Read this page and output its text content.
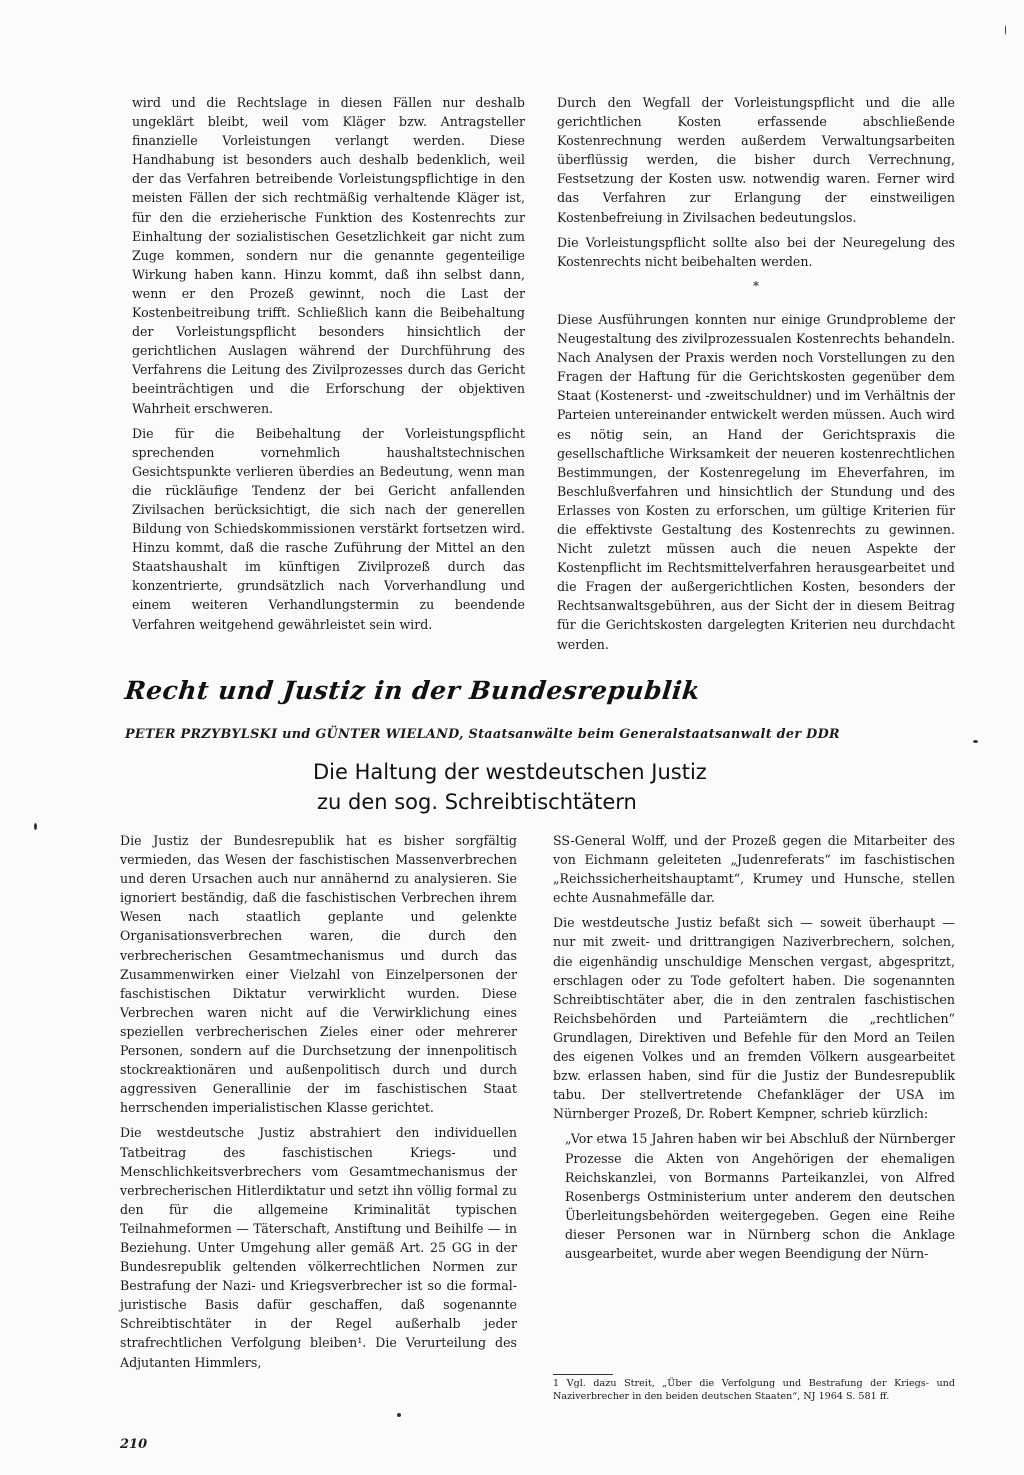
wird und die Rechtslage in diesen Fällen nur deshalb ungeklärt bleibt, weil vom Kläger bzw. Antragsteller finanzielle Vorleistungen verlangt werden. Diese Handhabung ist besonders auch deshalb bedenklich, weil der das Verfahren betreibende Vorleistungspflichtige in den meisten Fällen der sich rechtmäßig verhaltende Kläger ist, für den die erzieherische Funktion des Kostenrechts zur Einhaltung der sozialistischen Gesetzlichkeit gar nicht zum Zuge kommen, sondern nur die genannte gegenteilige Wirkung haben kann. Hinzu kommt, daß ihn selbst dann, wenn er den Prozeß gewinnt, noch die Last der Kostenbeitreibung trifft. Schließlich kann die Beibehaltung der Vorleistungspflicht besonders hinsichtlich der gerichtlichen Auslagen während der Durchführung des Verfahrens die Leitung des Zivilprozesses durch das Gericht beeinträchtigen und die Erforschung der objektiven Wahrheit erschweren.

Die für die Beibehaltung der Vorleistungspflicht sprechenden vornehmlich haushaltstechnischen Gesichtspunkte verlieren überdies an Bedeutung, wenn man die rückläufige Tendenz der bei Gericht anfallenden Zivilsachen berücksichtigt, die sich nach der generellen Bildung von Schiedskommissionen verstärkt fortsetzen wird. Hinzu kommt, daß die rasche Zuführung der Mittel an den Staatshaushalt im künftigen Zivilprozeß durch das konzentrierte, grundsätzlich nach Vorverhandlung und einem weiteren Verhandlungstermin zu beendende Verfahren weitgehend gewährleistet sein wird.

Durch den Wegfall der Vorleistungspflicht und die alle gerichtlichen Kosten erfassende abschließende Kostenrechnung werden außerdem Verwaltungsarbeiten überflüssig werden, die bisher durch Verrechnung, Festsetzung der Kosten usw. notwendig waren. Ferner wird das Verfahren zur Erlangung der einstweiligen Kostenbefreiung in Zivilsachen bedeutungslos.

Die Vorleistungspflicht sollte also bei der Neuregelung des Kostenrechts nicht beibehalten werden.

*

Diese Ausführungen konnten nur einige Grundprobleme der Neugestaltung des zivilprozessualen Kostenrechts behandeln. Nach Analysen der Praxis werden noch Vorstellungen zu den Fragen der Haftung für die Gerichtskosten gegenüber dem Staat (Kostenerst- und -zweitschuldner) und im Verhältnis der Parteien untereinander entwickelt werden müssen. Auch wird es nötig sein, an Hand der Gerichtspraxis die gesellschaftliche Wirksamkeit der neueren kostenrechtlichen Bestimmungen, der Kostenregelung im Eheverfahren, im Beschlußverfahren und hinsichtlich der Stundung und des Erlasses von Kosten zu erforschen, um gültige Kriterien für die effektivste Gestaltung des Kostenrechts zu gewinnen. Nicht zuletzt müssen auch die neuen Aspekte der Kostenpflicht im Rechtsmittelverfahren herausgearbeitet und die Fragen der außergerichtlichen Kosten, besonders der Rechtsanwaltsgebühren, aus der Sicht der in diesem Beitrag für die Gerichtskosten dargelegten Kriterien neu durchdacht werden.

Recht und Justiz in der Bundesrepublik
PETER PRZYBYLSKI und GÜNTER WIELAND, Staatsanwälte beim Generalstaatsanwalt der DDR
Die Haltung der westdeutschen Justiz
zu den sog. Schreibtischtätern

Die Justiz der Bundesrepublik hat es bisher sorgfältig vermieden, das Wesen der faschistischen Massenverbrechen und deren Ursachen auch nur annähernd zu analysieren. Sie ignoriert beständig, daß die faschistischen Verbrechen ihrem Wesen nach staatlich geplante und gelenkte Organisationsverbrechen waren, die durch den verbrecherischen Gesamtmechanismus und durch das Zusammenwirken einer Vielzahl von Einzelpersonen der faschistischen Diktatur verwirklicht wurden. Diese Verbrechen waren nicht auf die Verwirklichung eines speziellen verbrecherischen Zieles einer oder mehrerer Personen, sondern auf die Durchsetzung der innenpolitisch stockreaktionären und außenpolitisch durch und durch aggressiven Generallinie der im faschistischen Staat herrschenden imperialistischen Klasse gerichtet.

Die westdeutsche Justiz abstrahiert den individuellen Tatbeitrag des faschistischen Kriegs- und Menschlichkeitsverbrechers vom Gesamtmechanismus der verbrecherischen Hitlerdiktatur und setzt ihn völlig formal zu den für die allgemeine Kriminalität typischen Teilnahmeformen — Täterschaft, Anstiftung und Beihilfe — in Beziehung. Unter Umgehung aller gemäß Art. 25 GG in der Bundesrepublik geltenden völkerrechtlichen Normen zur Bestrafung der Nazi- und Kriegsverbrecher ist so die formal-juristische Basis dafür geschaffen, daß sogenannte Schreibtischtäter in der Regel außerhalb jeder strafrechtlichen Verfolgung bleiben¹. Die Verurteilung des Adjutanten Himmlers,

SS-General Wolff, und der Prozeß gegen die Mitarbeiter des von Eichmann geleiteten „Judenreferats“ im faschistischen „Reichssicherheitshauptamt“, Krumey und Hunsche, stellen echte Ausnahmefälle dar.

Die westdeutsche Justiz befaßt sich — soweit überhaupt — nur mit zweit- und drittrangigen Naziverbrechern, solchen, die eigenhändig unschuldige Menschen vergast, abgespritzt, erschlagen oder zu Tode gefoltert haben. Die sogenannten Schreibtischtäter aber, die in den zentralen faschistischen Reichsbehörden und Parteiämtern die „rechtlichen“ Grundlagen, Direktiven und Befehle für den Mord an Teilen des eigenen Volkes und an fremden Völkern ausgearbeitet bzw. erlassen haben, sind für die Justiz der Bundesrepublik tabu. Der stellvertretende Chefankläger der USA im Nürnberger Prozeß, Dr. Robert Kempner, schrieb kürzlich:

„Vor etwa 15 Jahren haben wir bei Abschluß der Nürnberger Prozesse die Akten von Angehörigen der ehemaligen Reichskanzlei, von Bormanns Parteikanzlei, von Alfred Rosenbergs Ostministerium unter anderem den deutschen Überleitungsbehörden weitergegeben. Gegen eine Reihe dieser Personen war in Nürnberg schon die Anklage ausgearbeitet, wurde aber wegen Beendigung der Nürn-

1 Vgl. dazu Streit, „Über die Verfolgung und Bestrafung der Kriegs- und Naziverbrecher in den beiden deutschen Staaten“, NJ 1964 S. 581 ff.
210
